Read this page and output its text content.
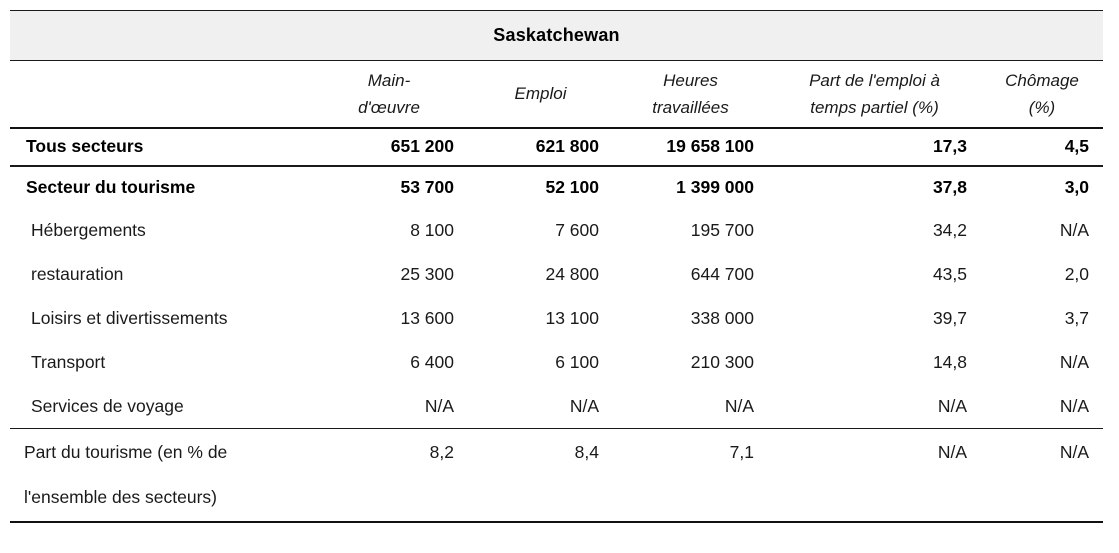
Saskatchewan					
	Main-d'œuvre	Emploi	Heures travaillées	Part de l'emploi à temps partiel (%)	Chômage (%)
Tous secteurs	651 200	621 800	19 658 100	17,3	4,5
Secteur du tourisme	53 700	52 100	1 399 000	37,8	3,0
Hébergements	8 100	7 600	195 700	34,2	N/A
restauration	25 300	24 800	644 700	43,5	2,0
Loisirs et divertissements	13 600	13 100	338 000	39,7	3,7
Transport	6 400	6 100	210 300	14,8	N/A
Services de voyage	N/A	N/A	N/A	N/A	N/A
Part du tourisme (en % de l'ensemble des secteurs)	8,2	8,4	7,1	N/A	N/A
